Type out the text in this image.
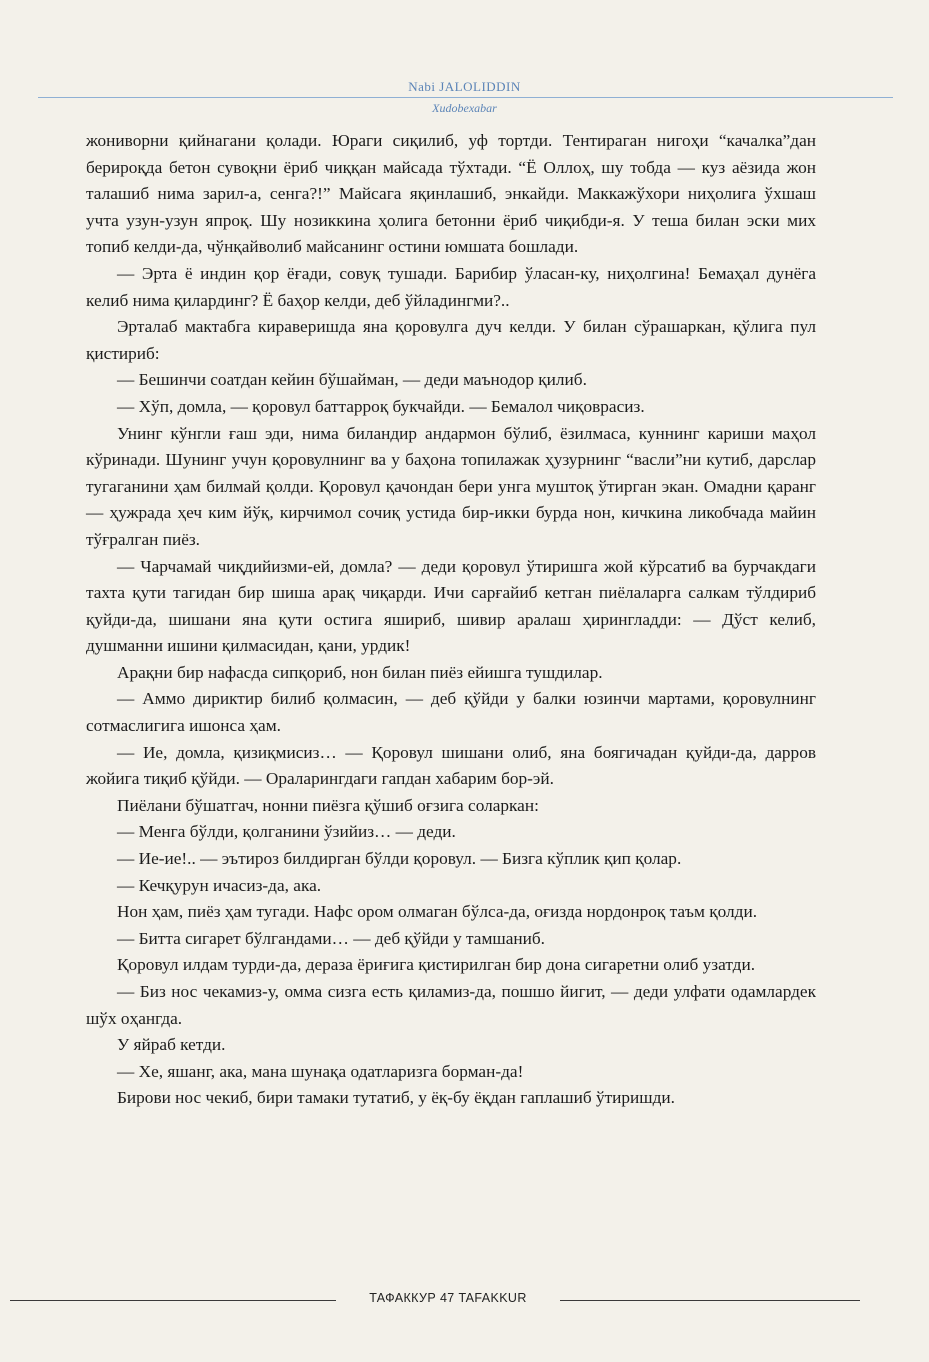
Nabi JALOLIDDIN
Xudobexabar

жониворни қийнагани қолади. Юраги сиқилиб, уф тортди. Тентираган нигоҳи “качалка”дан берироқда бетон сувоқни ёриб чиққан майсада тўхтади. “Ё Оллоҳ, шу тобда — куз аёзида жон талашиб нима зарил-а, сенга?!” Майсага яқинлашиб, энкайди. Маккажўхори ниҳолига ўхшаш учта узун-узун япроқ. Шу нозиккина ҳолига бетонни ёриб чиқибди-я. У теша билан эски мих топиб келди-да, чўнқайволиб майсанинг остини юмшата бошлади.

— Эрта ё индин қор ёғади, совуқ тушади. Барибир ўласан-ку, ниҳолгина! Бемаҳал дунёга келиб нима қилардинг? Ё баҳор келди, деб ўйладингми?..

Эрталаб мактабга кираверишда яна қоровулга дуч келди. У билан сўрашаркан, қўлига пул қистириб:

— Бешинчи соатдан кейин бўшайман, — деди маънодор қилиб.

— Хўп, домла, — қоровул баттарроқ букчайди. — Бемалол чиқоврасиз.

Унинг кўнгли ғаш эди, нима биландир андармон бўлиб, ёзилмаса, куннинг кариши маҳол кўринади. Шунинг учун қоровулнинг ва у баҳона топилажак ҳузурнинг “васли”ни кутиб, дарслар тугаганини ҳам билмай қолди. Қоровул қачондан бери унга муштоқ ўтирган экан. Омадни қаранг — ҳужрада ҳеч ким йўқ, кирчимол сочиқ устида бир-икки бурда нон, кичкина ликобчада майин тўғралган пиёз.

— Чарчамай чиқдийизми-ей, домла? — деди қоровул ўтиришга жой кўрсатиб ва бурчакдаги тахта қути тагидан бир шиша арақ чиқарди. Ичи сарғайиб кетган пиёлаларга салкам тўлдириб қуйди-да, шишани яна қути остига яшириб, шивир аралаш ҳирингладди: — Дўст келиб, душманни ишини қилмасидан, қани, урдик!

Арақни бир нафасда сипқориб, нон билан пиёз ейишга тушдилар.

— Аммо дириктир билиб қолмасин, — деб қўйди у балки юзинчи мартами, қоровулнинг сотмаслигига ишонса ҳам.

— Ие, домла, қизиқмисиз… — Қоровул шишани олиб, яна боягичадан қуйди-да, дарров жойига тиқиб қўйди. — Ораларингдаги гапдан хабарим бор-эй.

Пиёлани бўшатгач, нонни пиёзга қўшиб оғзига соларкан:

— Менга бўлди, қолганини ўзийиз… — деди.

— Ие-ие!.. — эътироз билдирган бўлди қоровул. — Бизга кўплик қип қолар.

— Кечқурун ичасиз-да, ака.

Нон ҳам, пиёз ҳам тугади. Нафс ором олмаган бўлса-да, оғизда нордонроқ таъм қолди.

— Битта сигарет бўлгандами… — деб қўйди у тамшаниб.

Қоровул илдам турди-да, дераза ёриғига қистирилган бир дона сигаретни олиб узатди.

— Биз нос чекамиз-у, омма сизга есть қиламиз-да, пошшо йигит, — деди улфати одамлардек шўх оҳангда.

У яйраб кетди.

— Хе, яшанг, ака, мана шунақа одатларизга борман-да!

Бирови нос чекиб, бири тамаки тутатиб, у ёқ-бу ёқдан гаплашиб ўтиришди.

ТАФАККУР 47 TAFAKKUR
